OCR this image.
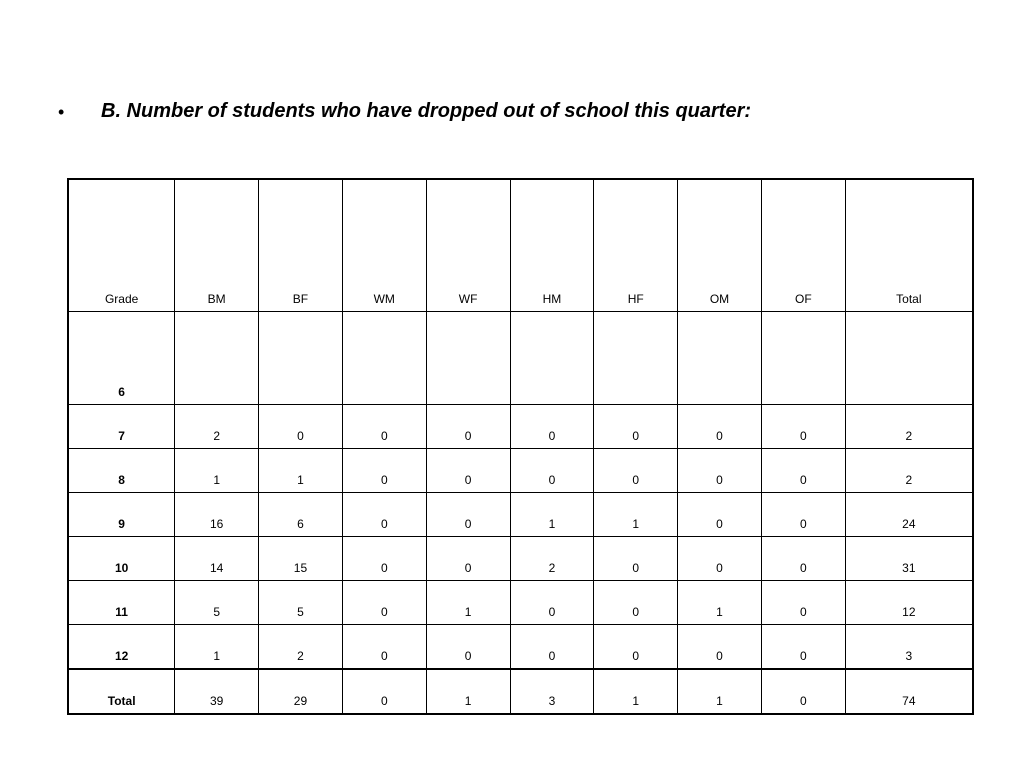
• B. Number of students who have dropped out of school this quarter:
Grade	BM	BF	WM	WF	HM	HF	OM	OF	Total
6									
7	2	0	0	0	0	0	0	0	2
8	1	1	0	0	0	0	0	0	2
9	16	6	0	0	1	1	0	0	24
10	14	15	0	0	2	0	0	0	31
11	5	5	0	1	0	0	1	0	12
12	1	2	0	0	0	0	0	0	3
Total	39	29	0	1	3	1	1	0	74
